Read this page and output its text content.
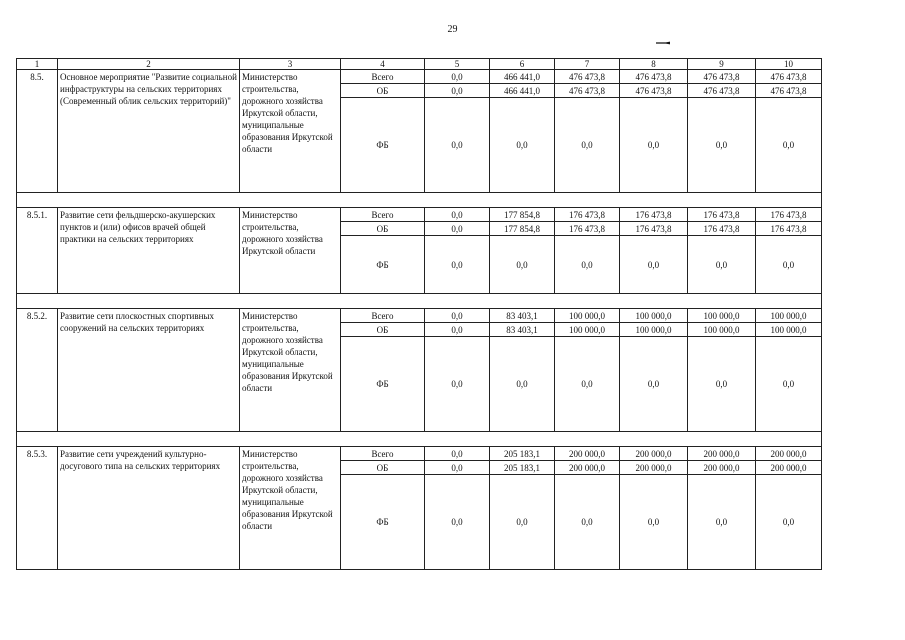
29
1	2	3	4	5	6	7	8	9	10
8.5.	Основное мероприятие "Развитие социальной инфраструктуры на сельских территориях (Современный облик сельских территорий)"	Министерство строительства, дорожного хозяйства Иркутской области, муниципальные образования Иркутской области	Всего	0,0	466 441,0	476 473,8	476 473,8	476 473,8	476 473,8
			ОБ	0,0	466 441,0	476 473,8	476 473,8	476 473,8	476 473,8
			ФБ	0,0	0,0	0,0	0,0	0,0	0,0

8.5.1.	Развитие сети фельдшерско-акушерских пунктов и (или) офисов врачей общей практики на сельских территориях	Министерство строительства, дорожного хозяйства Иркутской области	Всего	0,0	177 854,8	176 473,8	176 473,8	176 473,8	176 473,8
			ОБ	0,0	177 854,8	176 473,8	176 473,8	176 473,8	176 473,8
			ФБ	0,0	0,0	0,0	0,0	0,0	0,0

8.5.2.	Развитие сети плоскостных спортивных сооружений на сельских территориях	Министерство строительства, дорожного хозяйства Иркутской области, муниципальные образования Иркутской области	Всего	0,0	83 403,1	100 000,0	100 000,0	100 000,0	100 000,0
			ОБ	0,0	83 403,1	100 000,0	100 000,0	100 000,0	100 000,0
			ФБ	0,0	0,0	0,0	0,0	0,0	0,0

8.5.3.	Развитие сети учреждений культурно-досугового типа на сельских территориях	Министерство строительства, дорожного хозяйства Иркутской области, муниципальные образования Иркутской области	Всего	0,0	205 183,1	200 000,0	200 000,0	200 000,0	200 000,0
			ОБ	0,0	205 183,1	200 000,0	200 000,0	200 000,0	200 000,0
			ФБ	0,0	0,0	0,0	0,0	0,0	0,0
